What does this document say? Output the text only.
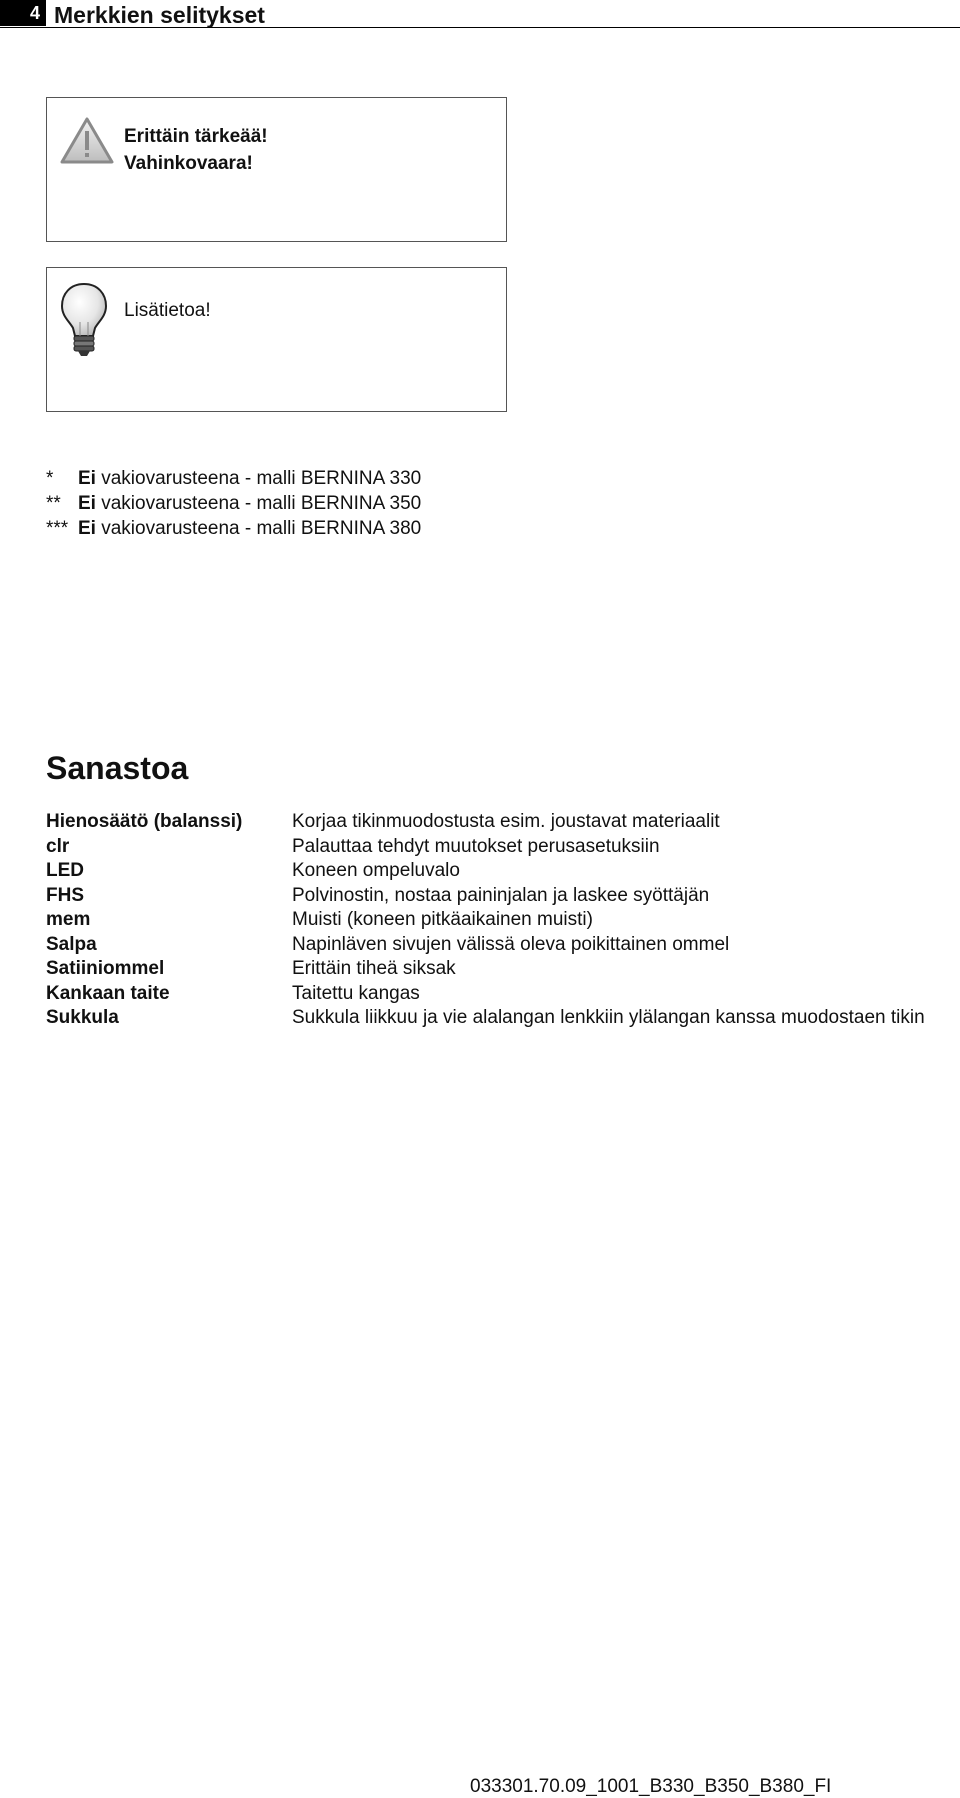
4 Merkkien selitykset
Erittäin tärkeää!
Vahinkovaara!
Lisätietoa!
* Ei vakiovarusteena - malli BERNINA 330
** Ei vakiovarusteena - malli BERNINA 350
*** Ei vakiovarusteena - malli BERNINA 380
Sanastoa
Hienosäätö (balanssi)	Korjaa tikinmuodostusta esim. joustavat materiaalit
clr	Palauttaa tehdyt muutokset perusasetuksiin
LED	Koneen ompeluvalo
FHS	Polvinostin, nostaa paininjalan ja laskee syöttäjän
mem	Muisti (koneen pitkäaikainen muisti)
Salpa	Napinläven sivujen välissä oleva poikittainen ommel
Satiiniommel	Erittäin tiheä siksak
Kankaan taite	Taitettu kangas
Sukkula	Sukkula liikkuu ja vie alalangan lenkkiin ylälangan kanssa muodostaen tikin
033301.70.09_1001_B330_B350_B380_FI
